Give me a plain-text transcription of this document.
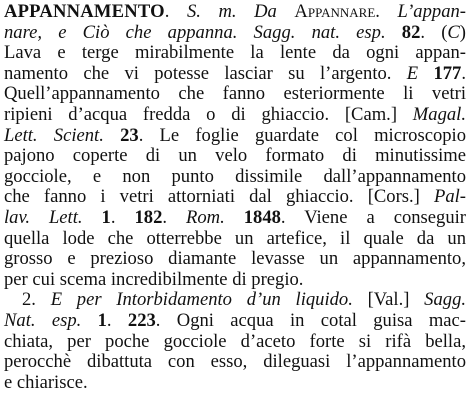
APPANNAMENTO. S. m. Da Appannare. L’appan-
nare, e Ciò che appanna. Sagg. nat. esp. 82. (C)
Lava e terge mirabilmente la lente da ogni appan-
namento che vi potesse lasciar su l’argento. E 177.
Quell’appannamento che fanno esteriormente li vetri
ripieni d’acqua fredda o di ghiaccio. [Cam.] Magal.
Lett. Scient. 23. Le foglie guardate col microscopio
pajono coperte di un velo formato di minutissime
gocciole, e non punto dissimile dall’appannamento
che fanno i vetri attorniati dal ghiaccio. [Cors.] Pal-
lav. Lett. 1. 182. Rom. 1848. Viene a conseguir
quella lode che otterrebbe un artefice, il quale da un
grosso e prezioso diamante levasse un appannamento,
per cui scema incredibilmente di pregio.
2. E per Intorbidamento d’un liquido. [Val.] Sagg.
Nat. esp. 1. 223. Ogni acqua in cotal guisa mac-
chiata, per poche gocciole d’aceto forte si rifà bella,
perocchè dibattuta con esso, dileguasi l’appannamento
e chiarisce.
